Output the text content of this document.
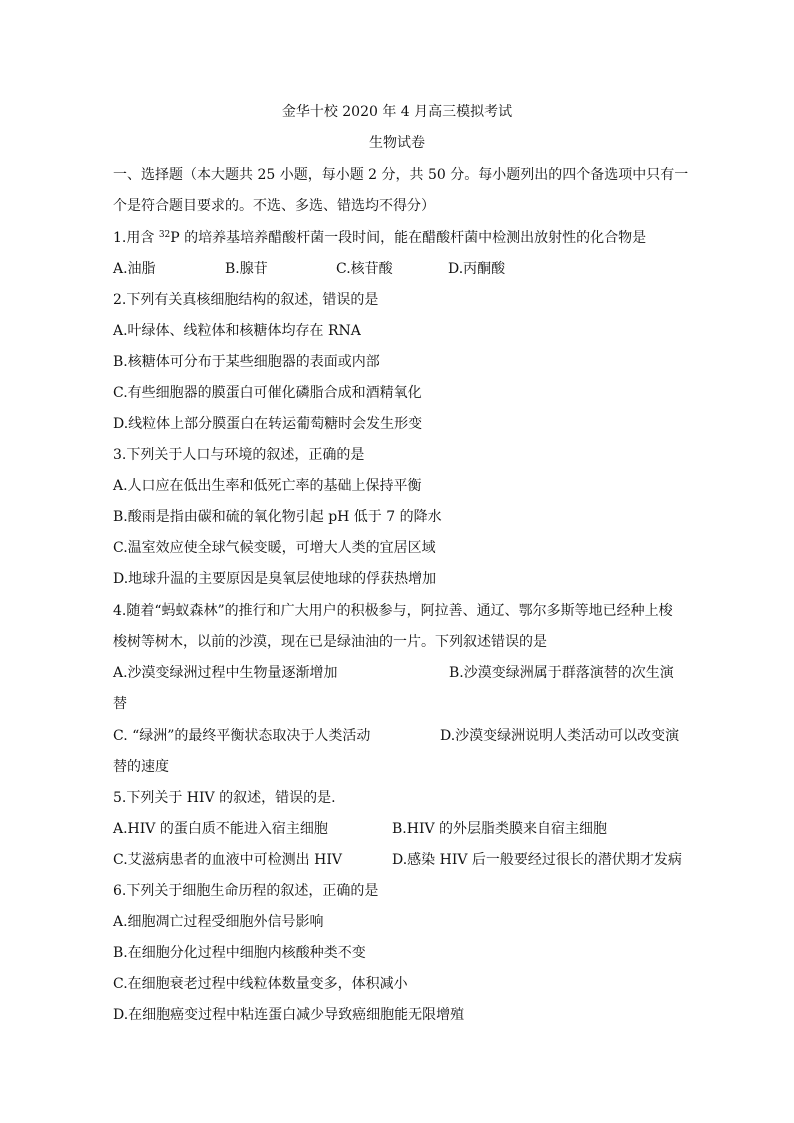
金华十校 2020 年 4 月高三模拟考试
生物试卷
一、选择题（本大题共 25 小题，每小题 2 分，共 50 分。每小题列出的四个备选项中只有一
个是符合题目要求的。不选、多选、错选均不得分）
1.用含 $^{32}$P 的培养基培养醋酸杆菌一段时间，能在醋酸杆菌中检测出放射性的化合物是
A.油脂	B.腺苷	C.核苷酸	D.丙酮酸
2.下列有关真核细胞结构的叙述，错误的是
A.叶绿体、线粒体和核糖体均存在 RNA
B.核糖体可分布于某些细胞器的表面或内部
C.有些细胞器的膜蛋白可催化磷脂合成和酒精氧化
D.线粒体上部分膜蛋白在转运葡萄糖时会发生形变
3.下列关于人口与环境的叙述，正确的是
A.人口应在低出生率和低死亡率的基础上保持平衡
B.酸雨是指由碳和硫的氧化物引起 pH 低于 7 的降水
C.温室效应使全球气候变暖，可增大人类的宜居区域
D.地球升温的主要原因是臭氧层使地球的俘获热增加
4.随着“蚂蚁森林”的推行和广大用户的积极参与，阿拉善、通辽、鄂尔多斯等地已经种上梭
梭树等树木，以前的沙漠，现在已是绿油油的一片。下列叙述错误的是
A.沙漠变绿洲过程中生物量逐渐增加	B.沙漠变绿洲属于群落演替的次生演
替
C. “绿洲”的最终平衡状态取决于人类活动	D.沙漠变绿洲说明人类活动可以改变演
替的速度
5.下列关于 HIV 的叙述，错误的是.
A.HIV 的蛋白质不能进入宿主细胞	B.HIV 的外层脂类膜来自宿主细胞
C.艾滋病患者的血液中可检测出 HIV	D.感染 HIV 后一般要经过很长的潜伏期才发病
6.下列关于细胞生命历程的叙述，正确的是
A.细胞凋亡过程受细胞外信号影响
B.在细胞分化过程中细胞内核酸种类不变
C.在细胞衰老过程中线粒体数量变多，体积减小
D.在细胞癌变过程中粘连蛋白减少导致癌细胞能无限增殖
